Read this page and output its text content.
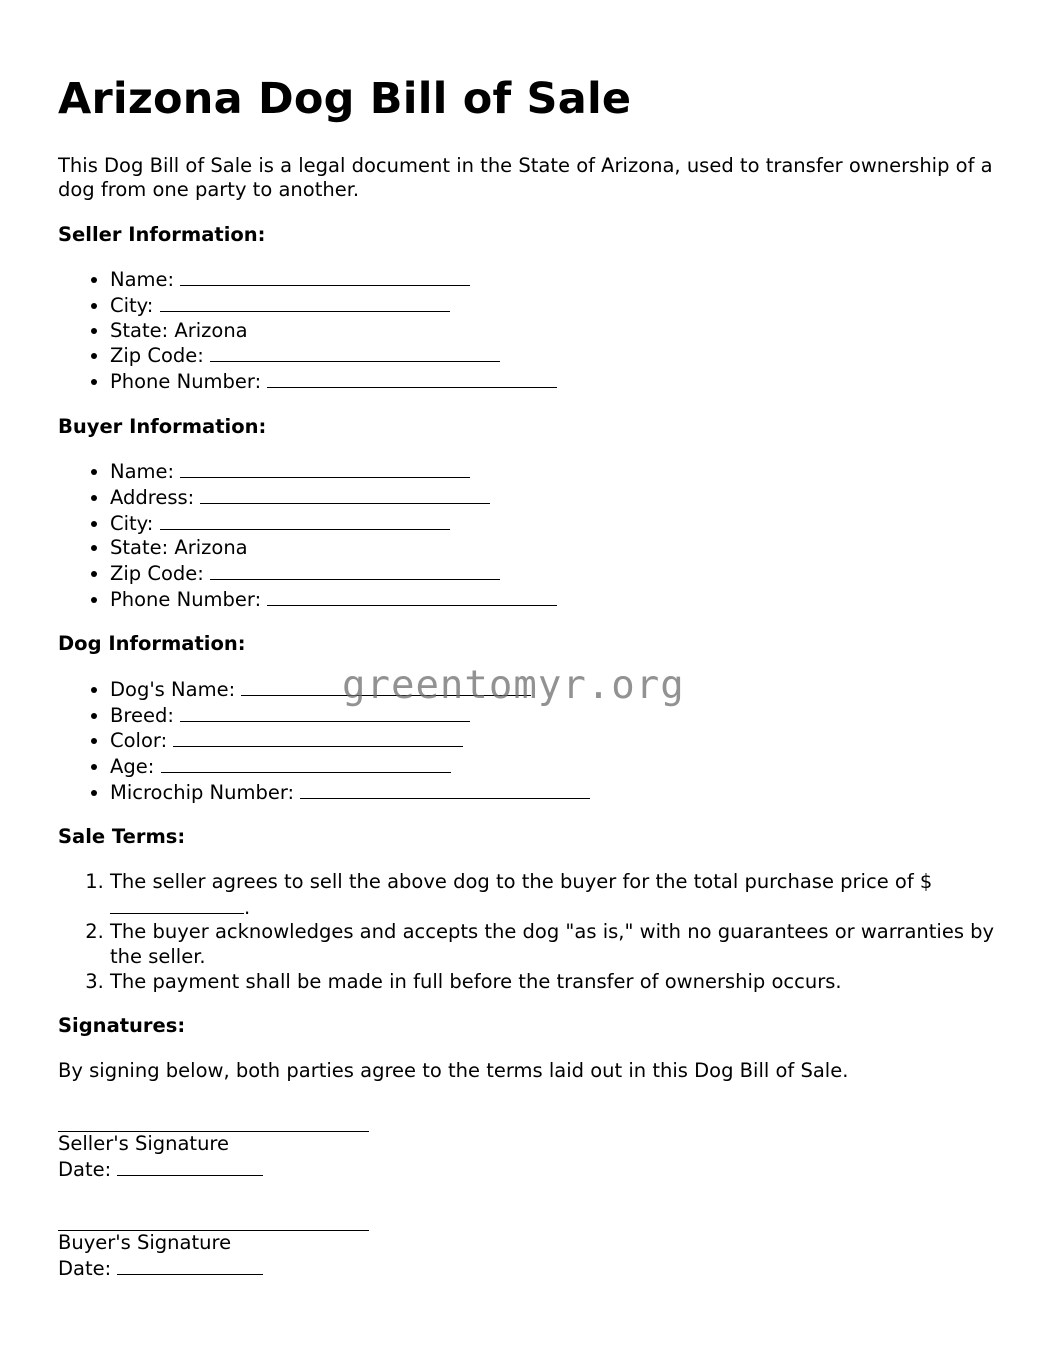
Arizona Dog Bill of Sale

This Dog Bill of Sale is a legal document in the State of Arizona, used to transfer ownership of a dog from one party to another.

Seller Information:
• Name:
• City:
• State: Arizona
• Zip Code:
• Phone Number:
Buyer Information:
• Name:
• Address:
• City:
• State: Arizona
• Zip Code:
• Phone Number:
Dog Information:
• Dog's Name:
• Breed:
• Color:
• Age:
• Microchip Number:
Sale Terms:
1. The seller agrees to sell the above dog to the buyer for the total purchase price of $.
2. The buyer acknowledges and accepts the dog "as is," with no guarantees or warranties by the seller.
3. The payment shall be made in full before the transfer of ownership occurs.
Signatures:

By signing below, both parties agree to the terms laid out in this Dog Bill of Sale.

Seller's Signature
Date:
Buyer's Signature
Date:
greentomyr.org
